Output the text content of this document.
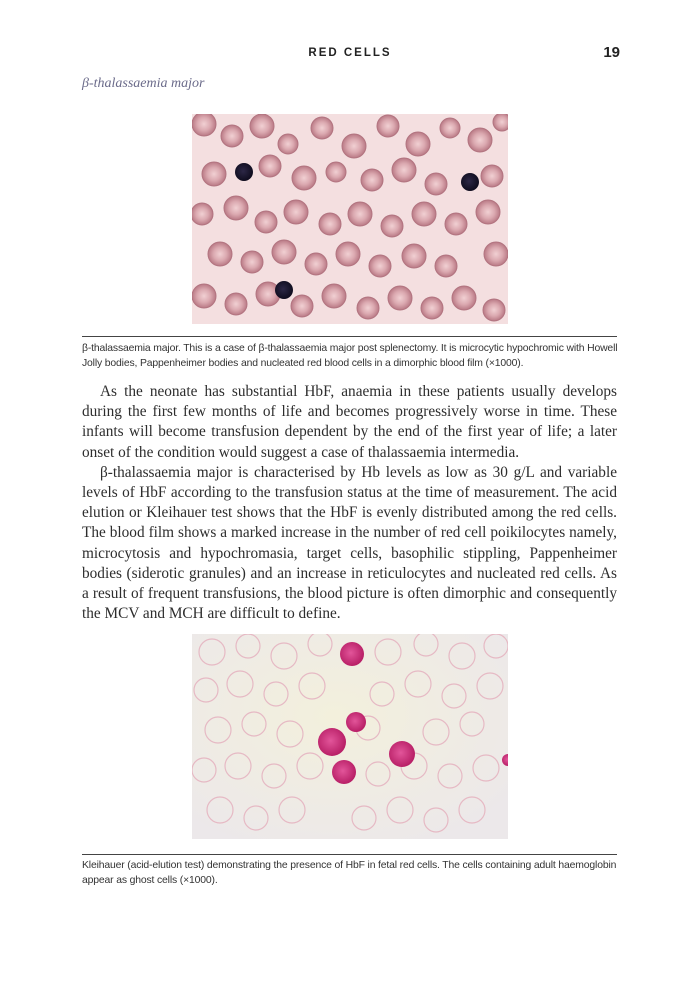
RED CELLS	19
β-thalassaemia major
β-thalassaemia major. This is a case of β-thalassaemia major post splenectomy. It is microcytic hypochromic with Howell Jolly bodies, Pappenheimer bodies and nucleated red blood cells in a dimorphic blood film (×1000).

As the neonate has substantial HbF, anaemia in these patients usually develops during the first few months of life and becomes progressively worse in time. These infants will become transfusion dependent by the end of the first year of life; a later onset of the condition would suggest a case of thalassaemia intermedia.

β-thalassaemia major is characterised by Hb levels as low as 30 g/L and variable levels of HbF according to the transfusion status at the time of measurement. The acid elution or Kleihauer test shows that the HbF is evenly distributed among the red cells. The blood film shows a marked increase in the number of red cell poikilocytes namely, microcytosis and hypochromasia, target cells, basophilic stippling, Pappenheimer bodies (siderotic granules) and an increase in reticulocytes and nucleated red cells. As a result of frequent transfusions, the blood picture is often dimorphic and consequently the MCV and MCH are difficult to define.

Kleihauer (acid-elution test) demonstrating the presence of HbF in fetal red cells. The cells containing adult haemoglobin appear as ghost cells (×1000).
